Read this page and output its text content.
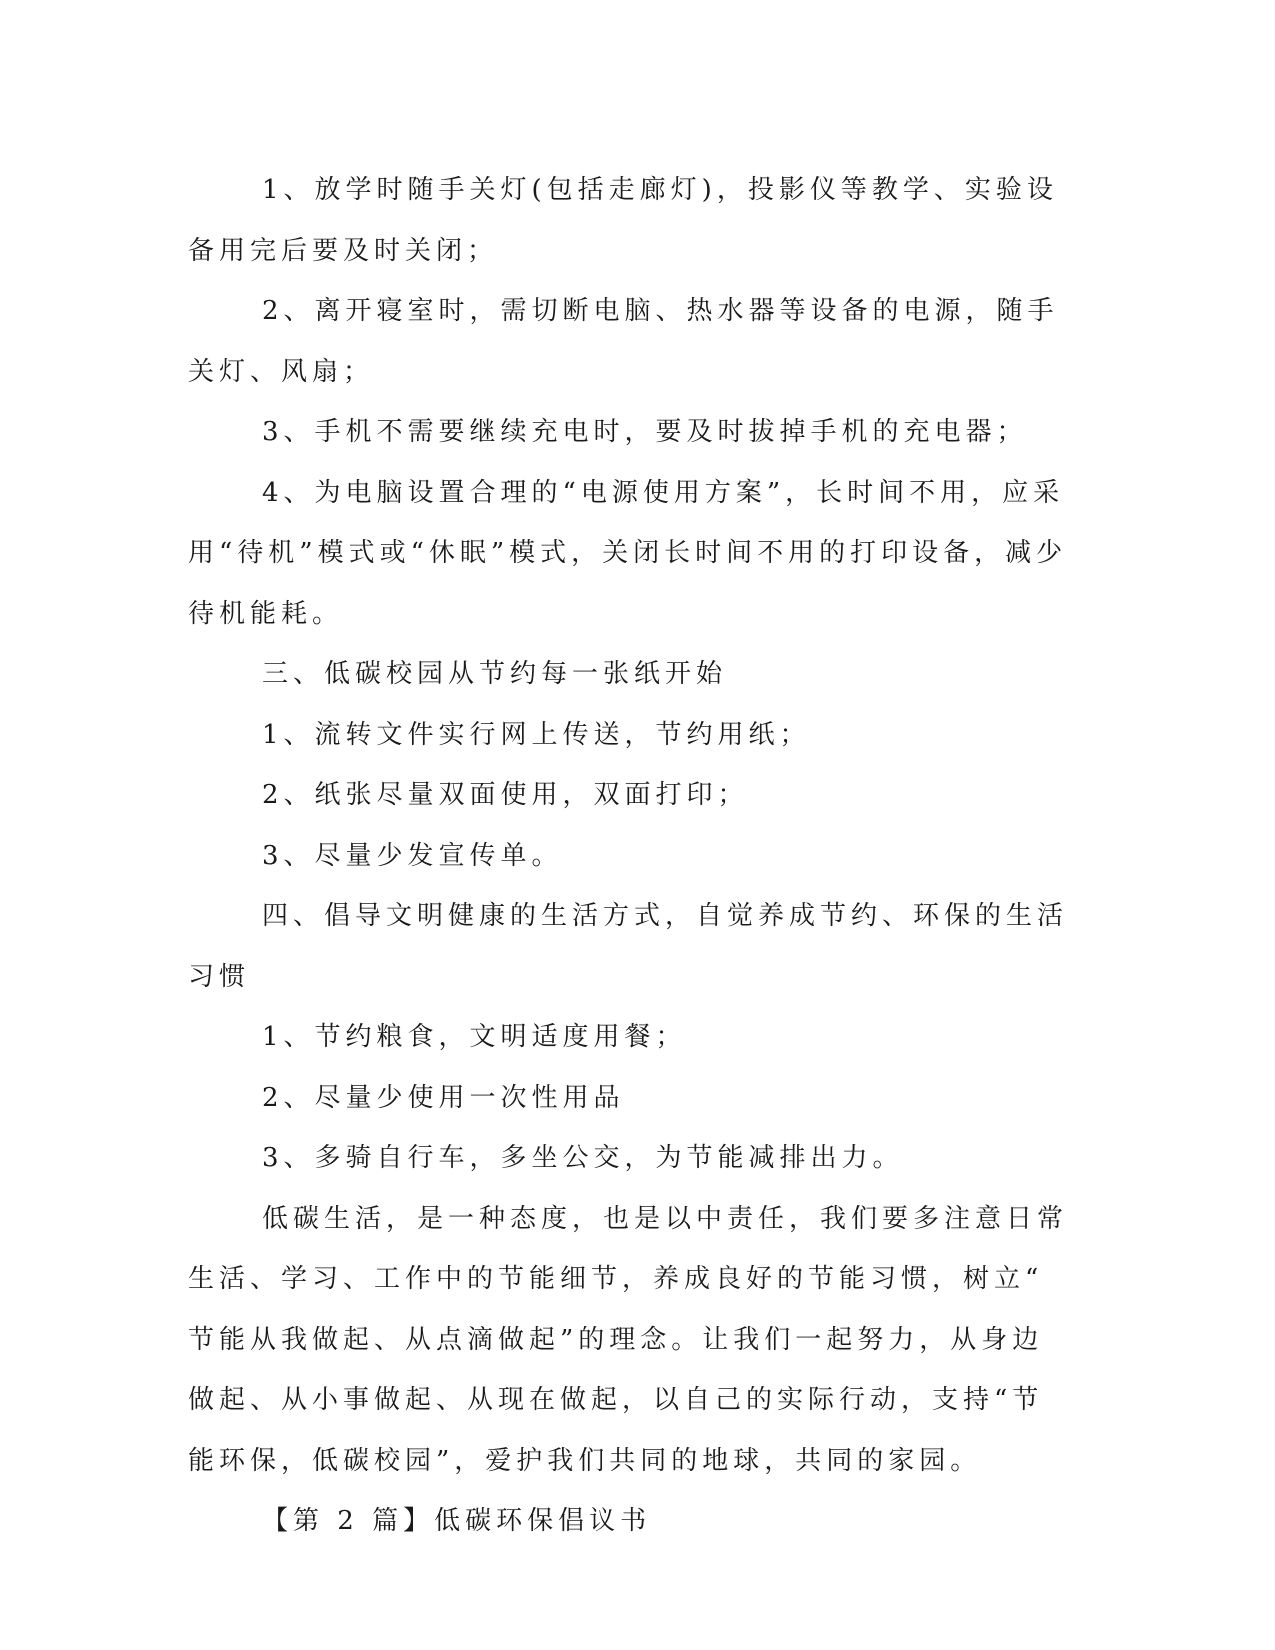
1、放学时随手关灯(包括走廊灯)，投影仪等教学、实验设备用完后要及时关闭；

2、离开寝室时，需切断电脑、热水器等设备的电源，随手关灯、风扇；

3、手机不需要继续充电时，要及时拔掉手机的充电器；

4、为电脑设置合理的“电源使用方案”，长时间不用，应采用“待机”模式或“休眠”模式，关闭长时间不用的打印设备，减少待机能耗。

三、低碳校园从节约每一张纸开始

1、流转文件实行网上传送，节约用纸；

2、纸张尽量双面使用，双面打印；

3、尽量少发宣传单。

四、倡导文明健康的生活方式，自觉养成节约、环保的生活习惯

1、节约粮食，文明适度用餐；

2、尽量少使用一次性用品

3、多骑自行车，多坐公交，为节能减排出力。

低碳生活，是一种态度，也是以中责任，我们要多注意日常生活、学习、工作中的节能细节，养成良好的节能习惯，树立“节能从我做起、从点滴做起”的理念。让我们一起努力，从身边做起、从小事做起、从现在做起，以自己的实际行动，支持“节能环保，低碳校园”，爱护我们共同的地球，共同的家园。

【第 2 篇】低碳环保倡议书
